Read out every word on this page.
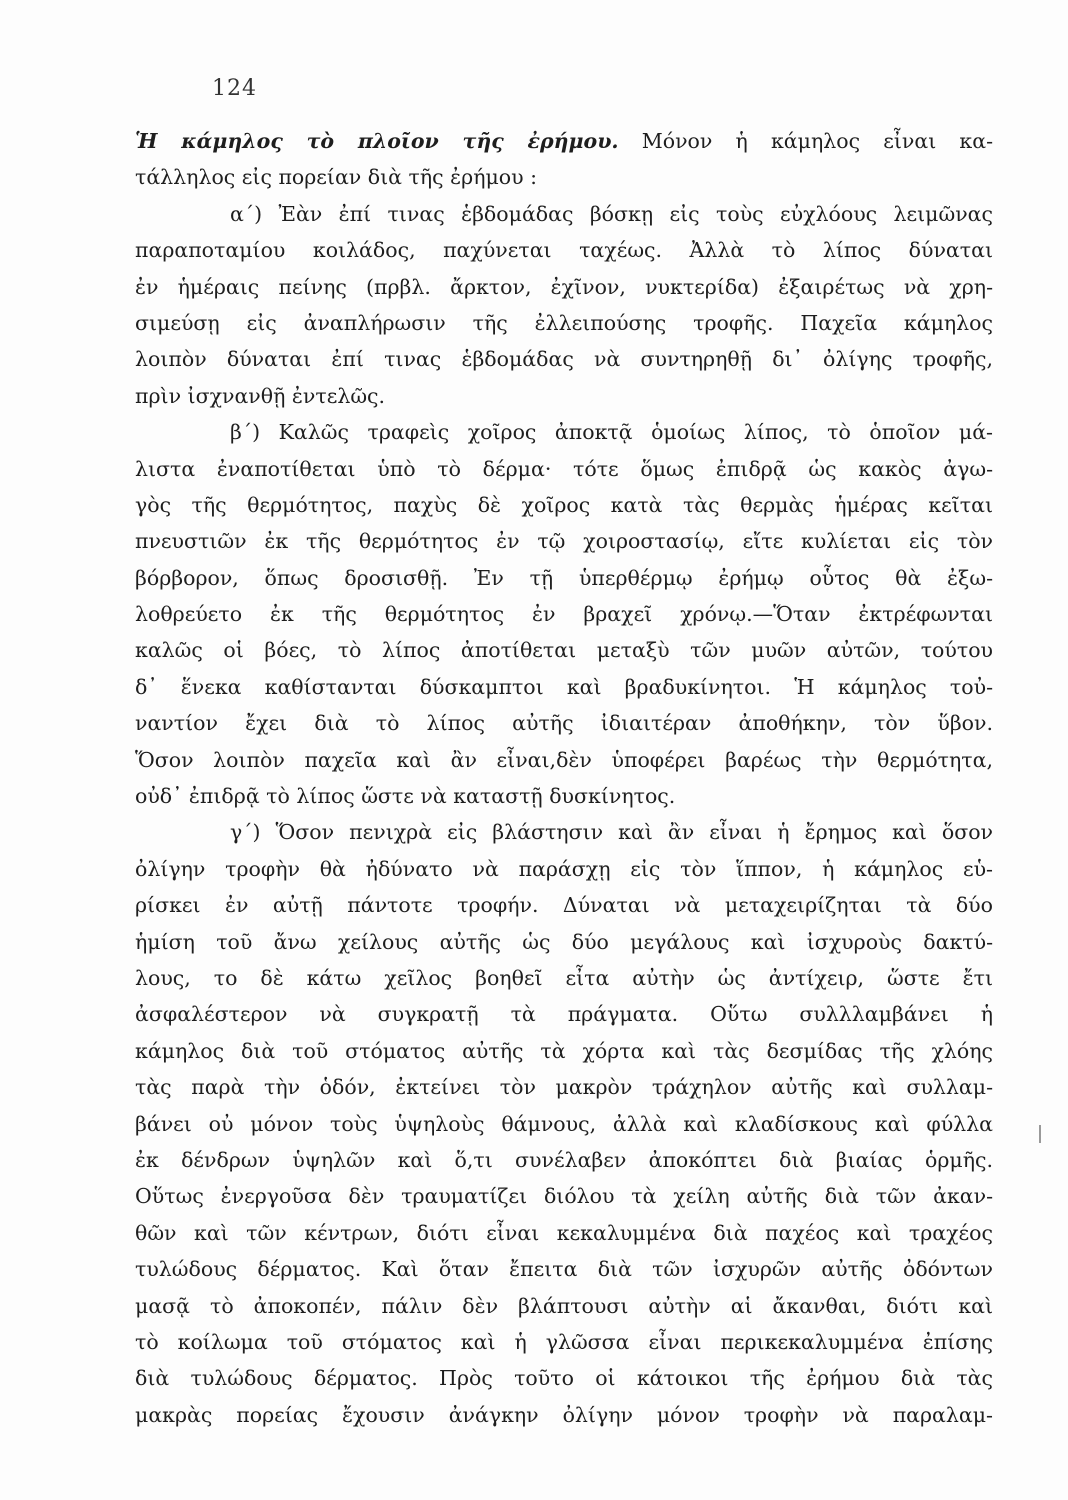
124
Ἡ κάμηλος τὸ πλοῖον τῆς ἐρήμου. Μόνον ἡ κάμηλος εἶναι κα-
τάλληλος εἰς πορείαν διὰ τῆς ἐρήμου :
α΄) Ἐὰν ἐπί τινας ἑβδομάδας βόσκῃ εἰς τοὺς εὐχλόους λειμῶνας
παραποταμίου κοιλάδος, παχύνεται ταχέως. Ἀλλὰ τὸ λίπος δύναται
ἐν ἡμέραις πείνης (πρβλ. ἄρκτον, ἐχῖνον, νυκτερίδα) ἐξαιρέτως νὰ χρη-
σιμεύσῃ εἰς ἀναπλήρωσιν τῆς ἐλλειπούσης τροφῆς. Παχεῖα κάμηλος
λοιπὸν δύναται ἐπί τινας ἑβδομάδας νὰ συντηρηθῇ δι᾿ ὀλίγης τροφῆς,
πρὶν ἰσχνανθῇ ἐντελῶς.
β΄) Καλῶς τραφεὶς χοῖρος ἀποκτᾷ ὁμοίως λίπος, τὸ ὁποῖον μά-
λιστα ἐναποτίθεται ὑπὸ τὸ δέρμα· τότε ὅμως ἐπιδρᾷ ὡς κακὸς ἀγω-
γὸς τῆς θερμότητος, παχὺς δὲ χοῖρος κατὰ τὰς θερμὰς ἡμέρας κεῖται
πνευστιῶν ἐκ τῆς θερμότητος ἐν τῷ χοιροστασίῳ, εἴτε κυλίεται εἰς τὸν
βόρβορον, ὅπως δροσισθῇ. Ἐν τῇ ὑπερθέρμῳ ἐρήμῳ οὗτος θὰ ἐξω-
λοθρεύετο ἐκ τῆς θερμότητος ἐν βραχεῖ χρόνῳ.—Ὅταν ἐκτρέφωνται
καλῶς οἱ βόες, τὸ λίπος ἀποτίθεται μεταξὺ τῶν μυῶν αὐτῶν, τούτου
δ᾿ ἕνεκα καθίστανται δύσκαμπτοι καὶ βραδυκίνητοι. Ἡ κάμηλος τοὐ-
ναντίον ἔχει διὰ τὸ λίπος αὐτῆς ἰδιαιτέραν ἀποθήκην, τὸν ὕβον.
Ὅσον λοιπὸν παχεῖα καὶ ἂν εἶναι,δὲν ὑποφέρει βαρέως τὴν θερμότητα,
οὐδ᾿ ἐπιδρᾷ τὸ λίπος ὥστε νὰ καταστῇ δυσκίνητος.
γ΄) Ὅσον πενιχρὰ εἰς βλάστησιν καὶ ἂν εἶναι ἡ ἔρημος καὶ ὅσον
ὀλίγην τροφὴν θὰ ἠδύνατο νὰ παράσχῃ εἰς τὸν ἵππον, ἡ κάμηλος εὑ-
ρίσκει ἐν αὐτῇ πάντοτε τροφήν. Δύναται νὰ μεταχειρίζηται τὰ δύο
ἡμίση τοῦ ἄνω χείλους αὐτῆς ὡς δύο μεγάλους καὶ ἰσχυροὺς δακτύ-
λους, το δὲ κάτω χεῖλος βοηθεῖ εἶτα αὐτὴν ὡς ἀντίχειρ, ὥστε ἔτι
ἀσφαλέστερον νὰ συγκρατῇ τὰ πράγματα. Οὕτω συλλλαμβάνει ἡ
κάμηλος διὰ τοῦ στόματος αὐτῆς τὰ χόρτα καὶ τὰς δεσμίδας τῆς χλόης
τὰς παρὰ τὴν ὁδόν, ἐκτείνει τὸν μακρὸν τράχηλον αὐτῆς καὶ συλλαμ-
βάνει οὐ μόνον τοὺς ὑψηλοὺς θάμνους, ἀλλὰ καὶ κλαδίσκους καὶ φύλλα
ἐκ δένδρων ὑψηλῶν καὶ ὅ,τι συνέλαβεν ἀποκόπτει διὰ βιαίας ὁρμῆς.
Οὕτως ἐνεργοῦσα δὲν τραυματίζει διόλου τὰ χείλη αὐτῆς διὰ τῶν ἀκαν-
θῶν καὶ τῶν κέντρων, διότι εἶναι κεκαλυμμένα διὰ παχέος καὶ τραχέος
τυλώδους δέρματος. Καὶ ὅταν ἔπειτα διὰ τῶν ἰσχυρῶν αὐτῆς ὀδόντων
μασᾷ τὸ ἀποκοπέν, πάλιν δὲν βλάπτουσι αὐτὴν αἱ ἄκανθαι, διότι καὶ
τὸ κοίλωμα τοῦ στόματος καὶ ἡ γλῶσσα εἶναι περικεκαλυμμένα ἐπίσης
διὰ τυλώδους δέρματος. Πρὸς τοῦτο οἱ κάτοικοι τῆς ἐρήμου διὰ τὰς
μακρὰς πορείας ἔχουσιν ἀνάγκην ὀλίγην μόνον τροφὴν νὰ παραλαμ-
